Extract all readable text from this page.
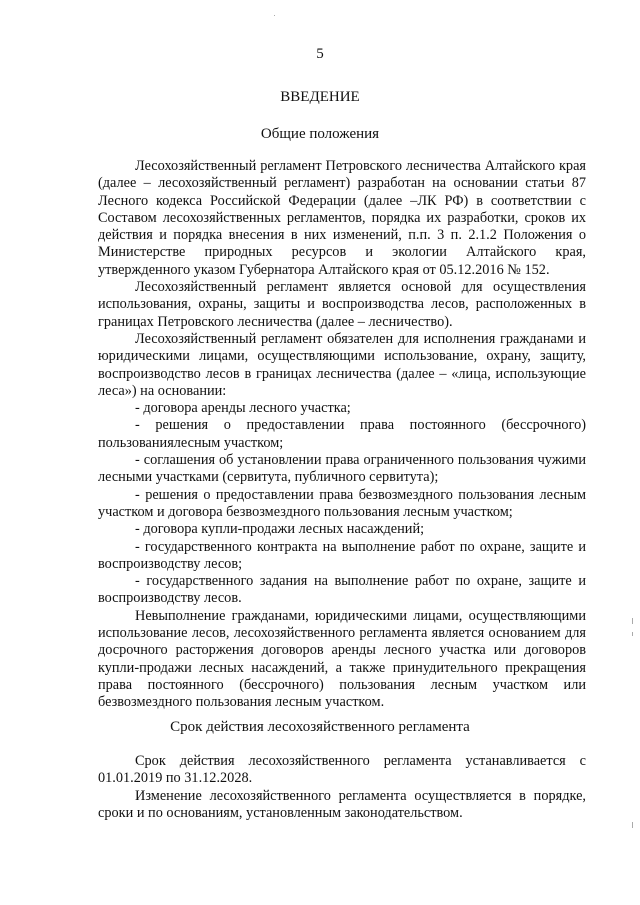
5
ВВЕДЕНИЕ
Общие положения

Лесохозяйственный регламент Петровского лесничества Алтайского края (далее – лесохозяйственный регламент) разработан на основании статьи 87 Лесного кодекса Российской Федерации (далее –ЛК РФ) в соответствии с Составом лесохозяйственных регламентов, порядка их разработки, сроков их действия и порядка внесения в них изменений, п.п. 3 п. 2.1.2 Положения о Министерстве природных ресурсов и экологии Алтайского края, утвержденного указом Губернатора Алтайского края от 05.12.2016 № 152.

Лесохозяйственный регламент является основой для осуществления использования, охраны, защиты и воспроизводства лесов, расположенных в границах Петровского лесничества (далее – лесничество).

Лесохозяйственный регламент обязателен для исполнения гражданами и юридическими лицами, осуществляющими использование, охрану, защиту, воспроизводство лесов в границах лесничества (далее – «лица, использующие леса») на основании:

- договора аренды лесного участка;

- решения о предоставлении права постоянного (бессрочного) пользованиялесным участком;

- соглашения об установлении права ограниченного пользования чужими лесными участками (сервитута, публичного сервитута);

- решения о предоставлении права безвозмездного пользования лесным участком и договора безвозмездного пользования лесным участком;

- договора купли-продажи лесных насаждений;

- государственного контракта на выполнение работ по охране, защите и воспроизводству лесов;

- государственного задания на выполнение работ по охране, защите и воспроизводству лесов.

Невыполнение гражданами, юридическими лицами, осуществляющими использование лесов, лесохозяйственного регламента является основанием для досрочного расторжения договоров аренды лесного участка или договоров купли-продажи лесных насаждений, а также принудительного прекращения права постоянного (бессрочного) пользования лесным участком или безвозмездного пользования лесным участком.

Срок действия лесохозяйственного регламента

Срок действия лесохозяйственного регламента устанавливается с 01.01.2019 по 31.12.2028.

Изменение лесохозяйственного регламента осуществляется в порядке, сроки и по основаниям, установленным законодательством.
